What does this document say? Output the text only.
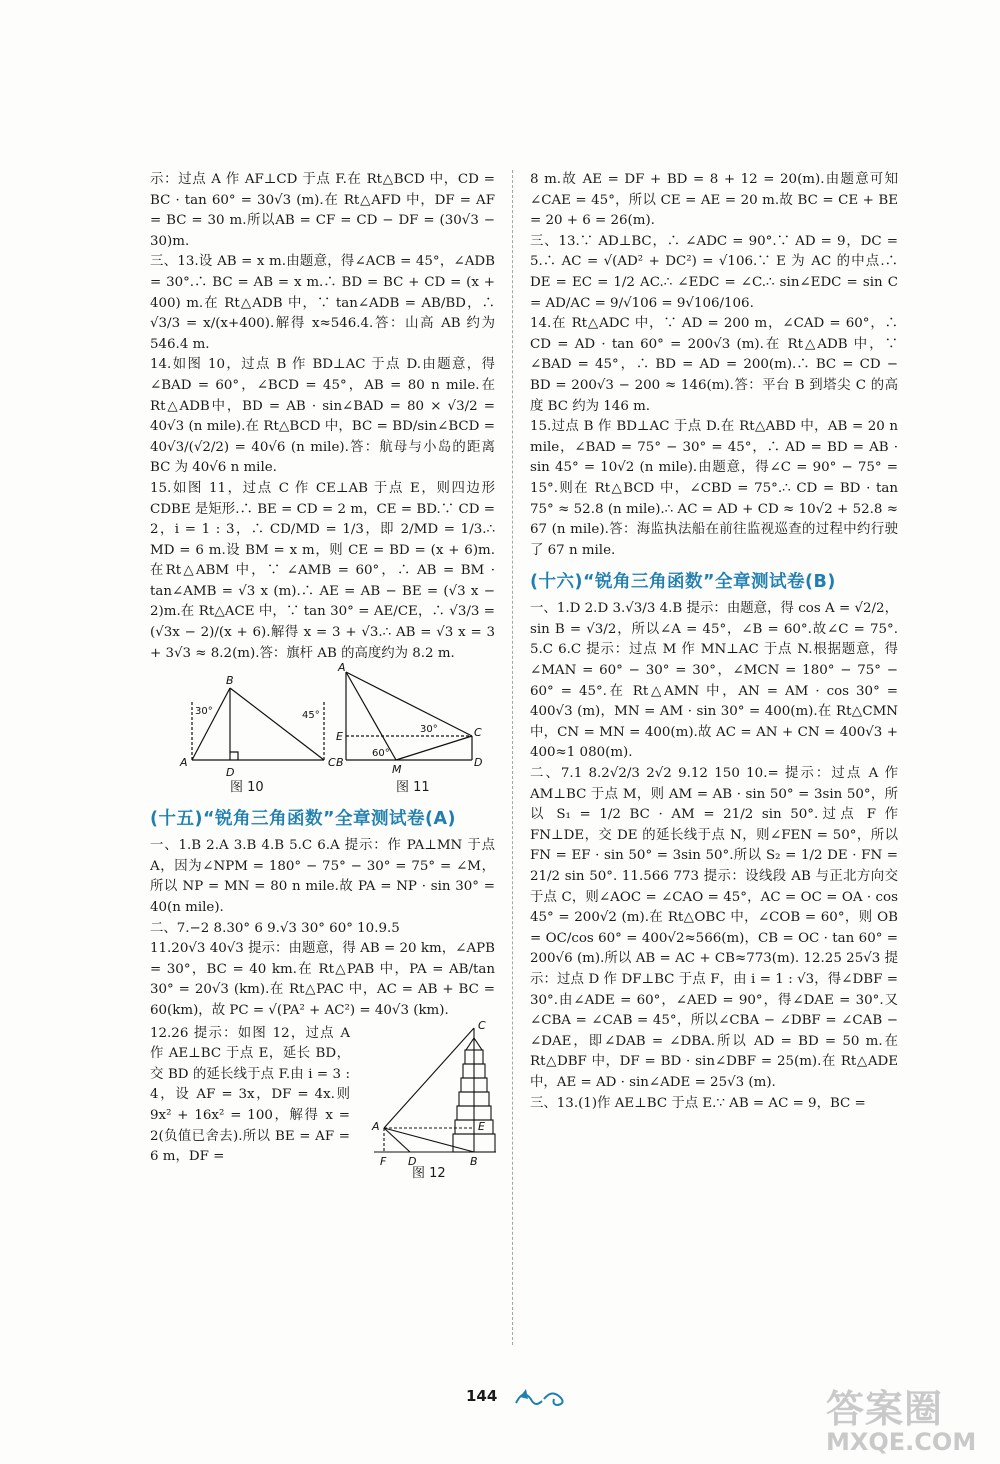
示：过点 A 作 AF⊥CD 于点 F.在 Rt△BCD 中，CD = BC · tan 60° = 30√3 (m).在 Rt△AFD 中，DF = AF = BC = 30 m.所以AB = CF = CD − DF = (30√3 − 30)m.

三、13.设 AB = x m.由题意，得∠ACB = 45°，∠ADB = 30°.∴ BC = AB = x m.∴ BD = BC + CD = (x + 400) m.在 Rt△ADB 中，∵ tan∠ADB = AB/BD，∴ √3/3 = x/(x+400).解得 x≈546.4.答：山高 AB 约为 546.4 m.

14.如图 10，过点 B 作 BD⊥AC 于点 D.由题意，得∠BAD = 60°，∠BCD = 45°，AB = 80 n mile.在 Rt△ADB中，BD = AB · sin∠BAD = 80 × √3/2 = 40√3 (n mile).在 Rt△BCD 中，BC = BD/sin∠BCD = 40√3/(√2/2) = 40√6 (n mile).答：航母与小岛的距离 BC 为 40√6 n mile.

15.如图 11，过点 C 作 CE⊥AB 于点 E，则四边形 CDBE 是矩形.∴ BE = CD = 2 m，CE = BD.∵ CD = 2，i = 1 : 3，∴ CD/MD = 1/3，即 2/MD = 1/3.∴ MD = 6 m.设 BM = x m，则 CE = BD = (x + 6)m.在Rt△ABM 中，∵ ∠AMB = 60°，∴ AB = BM · tan∠AMB = √3 x (m).∴ AE = AB − BE = (√3 x − 2)m.在 Rt△ACE 中，∵ tan 30° = AE/CE，∴ √3/3 = (√3x − 2)/(x + 6).解得 x = 3 + √3.∴ AB = √3 x = 3 + 3√3 ≈ 8.2(m).答：旗杆 AB 的高度约为 8.2 m.

A
B
C
D
30°	45°
A
E
B
C
D
M
60°
30°
图 10	图 11

(十五)“锐角三角函数”全章测试卷(A)

一、1.B 2.A 3.B 4.B 5.C 6.A 提示：作 PA⊥MN 于点 A，因为∠NPM = 180° − 75° − 30° = 75° = ∠M，所以 NP = MN = 80 n mile.故 PA = NP · sin 30° = 40(n mile).

二、7.−2 8.30° 6 9.√3 30° 60° 10.9.5

11.20√3 40√3 提示：由题意，得 AB = 20 km，∠APB = 30°，BC = 40 km.在 Rt△PAB 中，PA = AB/tan 30° = 20√3 (km).在 Rt△PAC 中，AC = AB + BC = 60(km)，故 PC = √(PA² + AC²) = 40√3 (km).

12.26 提示：如图 12，过点 A 作 AE⊥BC 于点 E，延长 BD，交 BD 的延长线于点 F.由 i = 3 : 4，设 AF = 3x，DF = 4x.则 9x² + 16x² = 100，解得 x = 2(负值已舍去).所以 BE = AF = 6 m，DF =

C
A	E
F D	B
图 12

8 m.故 AE = DF + BD = 8 + 12 = 20(m).由题意可知∠CAE = 45°，所以 CE = AE = 20 m.故 BC = CE + BE = 20 + 6 = 26(m).

三、13.∵ AD⊥BC，∴ ∠ADC = 90°.∵ AD = 9，DC = 5.∴ AC = √(AD² + DC²) = √106.∵ E 为 AC 的中点.∴ DE = EC = 1/2 AC.∴ ∠EDC = ∠C.∴ sin∠EDC = sin C = AD/AC = 9/√106 = 9√106/106.

14.在 Rt△ADC 中，∵ AD = 200 m，∠CAD = 60°，∴ CD = AD · tan 60° = 200√3 (m).在 Rt△ADB 中，∵ ∠BAD = 45°，∴ BD = AD = 200(m).∴ BC = CD − BD = 200√3 − 200 ≈ 146(m).答：平台 B 到塔尖 C 的高度 BC 约为 146 m.

15.过点 B 作 BD⊥AC 于点 D.在 Rt△ABD 中，AB = 20 n mile，∠BAD = 75° − 30° = 45°，∴ AD = BD = AB · sin 45° = 10√2 (n mile).由题意，得∠C = 90° − 75° = 15°.则在 Rt△BCD 中，∠CBD = 75°.∴ CD = BD · tan 75° ≈ 52.8 (n mile).∴ AC = AD + CD ≈ 10√2 + 52.8 ≈ 67 (n mile).答：海监执法船在前往监视巡查的过程中约行驶了 67 n mile.

(十六)“锐角三角函数”全章测试卷(B)

一、1.D 2.D 3.√3/3 4.B 提示：由题意，得 cos A = √2/2，sin B = √3/2，所以∠A = 45°，∠B = 60°.故∠C = 75°. 5.C 6.C 提示：过点 M 作 MN⊥AC 于点 N.根据题意，得∠MAN = 60° − 30° = 30°，∠MCN = 180° − 75° − 60° = 45°.在 Rt△AMN 中，AN = AM · cos 30° = 400√3 (m)，MN = AM · sin 30° = 400(m).在 Rt△CMN 中，CN = MN = 400(m).故 AC = AN + CN = 400√3 + 400≈1 080(m).

二、7.1 8.2√2/3 2√2 9.12 150 10.= 提示：过点 A 作 AM⊥BC 于点 M，则 AM = AB · sin 50° = 3sin 50°，所以 S₁ = 1/2 BC · AM = 21/2 sin 50°.过点 F 作 FN⊥DE，交 DE 的延长线于点 N，则∠FEN = 50°，所以 FN = EF · sin 50° = 3sin 50°.所以 S₂ = 1/2 DE · FN = 21/2 sin 50°. 11.566 773 提示：设线段 AB 与正北方向交于点 C，则∠AOC = ∠CAO = 45°，AC = OC = OA · cos 45° = 200√2 (m).在 Rt△OBC 中，∠COB = 60°，则 OB = OC/cos 60° = 400√2≈566(m)，CB = OC · tan 60° = 200√6 (m).所以 AB = AC + CB≈773(m). 12.25 25√3 提示：过点 D 作 DF⊥BC 于点 F，由 i = 1 : √3，得∠DBF = 30°.由∠ADE = 60°，∠AED = 90°，得∠DAE = 30°.又∠CBA = ∠CAB = 45°，所以∠CBA − ∠DBF = ∠CAB − ∠DAE，即∠DAB = ∠DBA.所以 AD = BD = 50 m.在 Rt△DBF 中，DF = BD · sin∠DBF = 25(m).在 Rt△ADE 中，AE = AD · sin∠ADE = 25√3 (m).

三、13.(1)作 AE⊥BC 于点 E.∵ AB = AC = 9，BC =

144	答案圈
MXQE.COM
